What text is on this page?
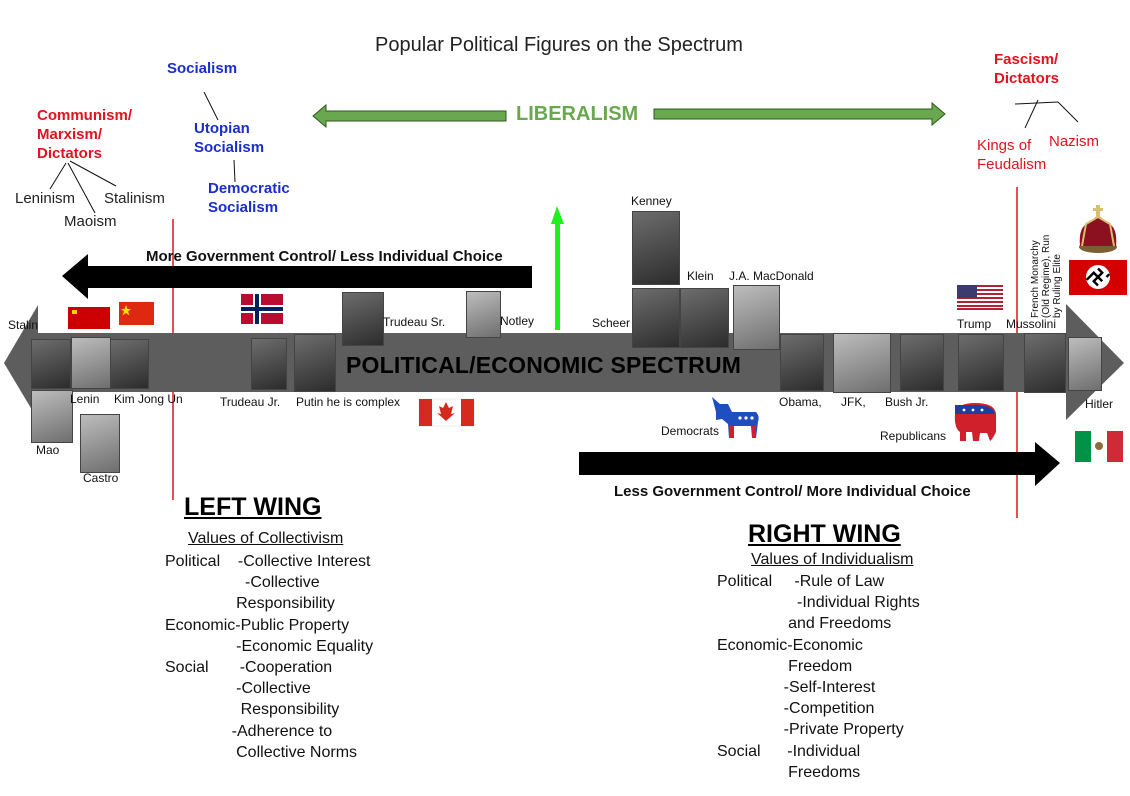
Popular Political Figures on the Spectrum
Socialism
Communism/
Marxism/
Dictators
Utopian
Socialism
Democratic
Socialism
Leninism Stalinism
Maoism
LIBERALISM
Fascism/
Dictators
Kings of
Feudalism
Nazism
French Monarchy (Old Regime), Run by Ruling Elite
More Government Control/ Less Individual Choice
Less Government Control/ More Individual Choice
POLITICAL/ECONOMIC SPECTRUM
Stalin
Lenin Kim Jong Un
Mao
Castro
Trudeau Jr. Putin he is complex
Trudeau Sr.	Notley
Kenney
Klein J.A. MacDonald
Scheer
Obama, JFK, Bush Jr.
Trump Mussolini
Hitler
Democrats	Republicans
LEFT WING
Values of Collectivism
Political    -Collective Interest
-Collective
Responsibility
Economic-Public Property
-Economic Equality
Social       -Cooperation
-Collective
Responsibility
-Adherence to
Collective Norms
RIGHT WING
Values of Individualism
Political     -Rule of Law
-Individual Rights
and Freedoms
Economic-Economic
Freedom
-Self-Interest
-Competition
-Private Property
Social      -Individual
Freedoms
